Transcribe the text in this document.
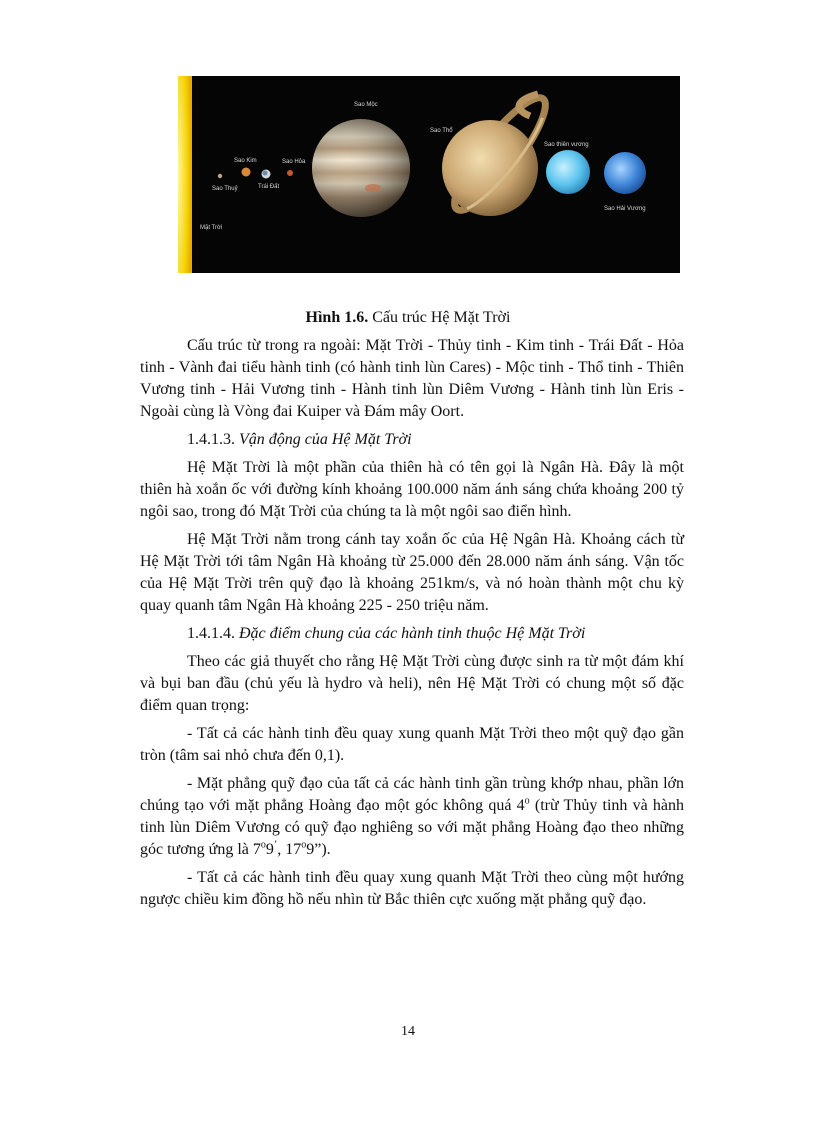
Mặt Trời
Sao Thuỷ
Sao Kim
Trái Đất
Sao Hỏa
Sao Mộc
Sao Thổ
Sao thiên vương
Sao Hải Vương
Hình 1.6. Cấu trúc Hệ Mặt Trời

Cấu trúc từ trong ra ngoài: Mặt Trời - Thủy tinh - Kim tinh - Trái Đất - Hỏa tinh - Vành đai tiểu hành tinh (có hành tinh lùn Cares) - Mộc tinh - Thổ tinh - Thiên Vương tinh - Hải Vương tinh - Hành tinh lùn Diêm Vương - Hành tinh lùn Eris - Ngoài cùng là Vòng đai Kuiper và Đám mây Oort.

1.4.1.3. Vận động của Hệ Mặt Trời

Hệ Mặt Trời là một phần của thiên hà có tên gọi là Ngân Hà. Đây là một thiên hà xoắn ốc với đường kính khoảng 100.000 năm ánh sáng chứa khoảng 200 tỷ ngôi sao, trong đó Mặt Trời của chúng ta là một ngôi sao điển hình.

Hệ Mặt Trời nằm trong cánh tay xoắn ốc của Hệ Ngân Hà. Khoảng cách từ Hệ Mặt Trời tới tâm Ngân Hà khoảng từ 25.000 đến 28.000 năm ánh sáng. Vận tốc của Hệ Mặt Trời trên quỹ đạo là khoảng 251km/s, và nó hoàn thành một chu kỳ quay quanh tâm Ngân Hà khoảng 225 - 250 triệu năm.

1.4.1.4. Đặc điểm chung của các hành tinh thuộc Hệ Mặt Trời

Theo các giả thuyết cho rằng Hệ Mặt Trời cùng được sinh ra từ một đám khí và bụi ban đầu (chủ yếu là hydro và heli), nên Hệ Mặt Trời có chung một số đặc điểm quan trọng:

- Tất cả các hành tinh đều quay xung quanh Mặt Trời theo một quỹ đạo gần tròn (tâm sai nhỏ chưa đến 0,1).

- Mặt phẳng quỹ đạo của tất cả các hành tinh gần trùng khớp nhau, phần lớn chúng tạo với mặt phẳng Hoàng đạo một góc không quá 4$^o$ (trừ Thủy tinh và hành tinh lùn Diêm Vương có quỹ đạo nghiêng so với mặt phẳng Hoàng đạo theo những góc tương ứng là 7$^o$9’, 17$^o$9”).

- Tất cả các hành tinh đều quay xung quanh Mặt Trời theo cùng một hướng ngược chiều kim đồng hồ nếu nhìn từ Bắc thiên cực xuống mặt phẳng quỹ đạo.

14
